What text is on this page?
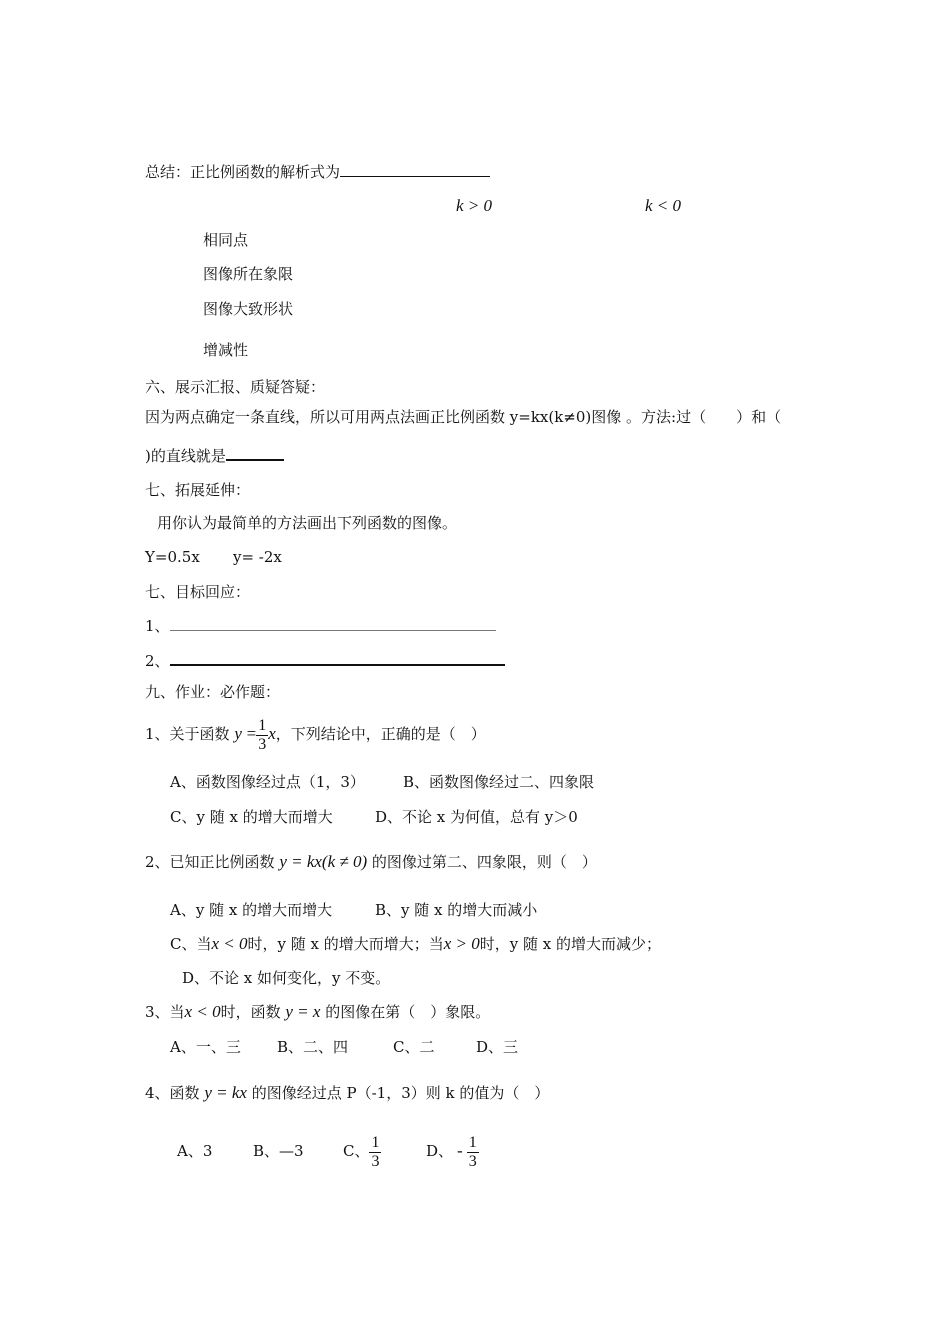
总结：正比例函数的解析式为
k > 0	k < 0
相同点
图像所在象限
图像大致形状
增减性
六、展示汇报、质疑答疑：
因为两点确定一条直线，所以可用两点法画正比例函数 y=kx(k≠0)图像 。方法:过（　　）和（
)的直线就是
七、拓展延伸：
用你认为最简单的方法画出下列函数的图像。
Y=0.5x y= -2x
七、目标回应：
1、
2、
九、作业：必作题：
1、关于函数 $y = \frac{1}{3}$ x，下列结论中，正确的是（　）
A、函数图像经过点（1，3）	B、函数图像经过二、四象限
C、y 随 x 的增大而增大	D、不论 x 为何值，总有 y＞0
2、已知正比例函数 y = kx(k ≠ 0) 的图像过第二、四象限，则（　）
A、y 随 x 的增大而增大	B、y 随 x 的增大而减小
C、当x < 0时，y 随 x 的增大而增大；当x > 0时，y 随 x 的增大而减少；
D、不论 x 如何变化，y 不变。
3、当x < 0时，函数 y = x 的图像在第（　）象限。
A、一、三 B、二、四	C、二	D、三
4、函数 y = kx 的图像经过点 P（-1，3）则 k 的值为（　）
A、3	B、—3	C、 $\frac{1}{3}$	D、 - $\frac{1}{3}$
